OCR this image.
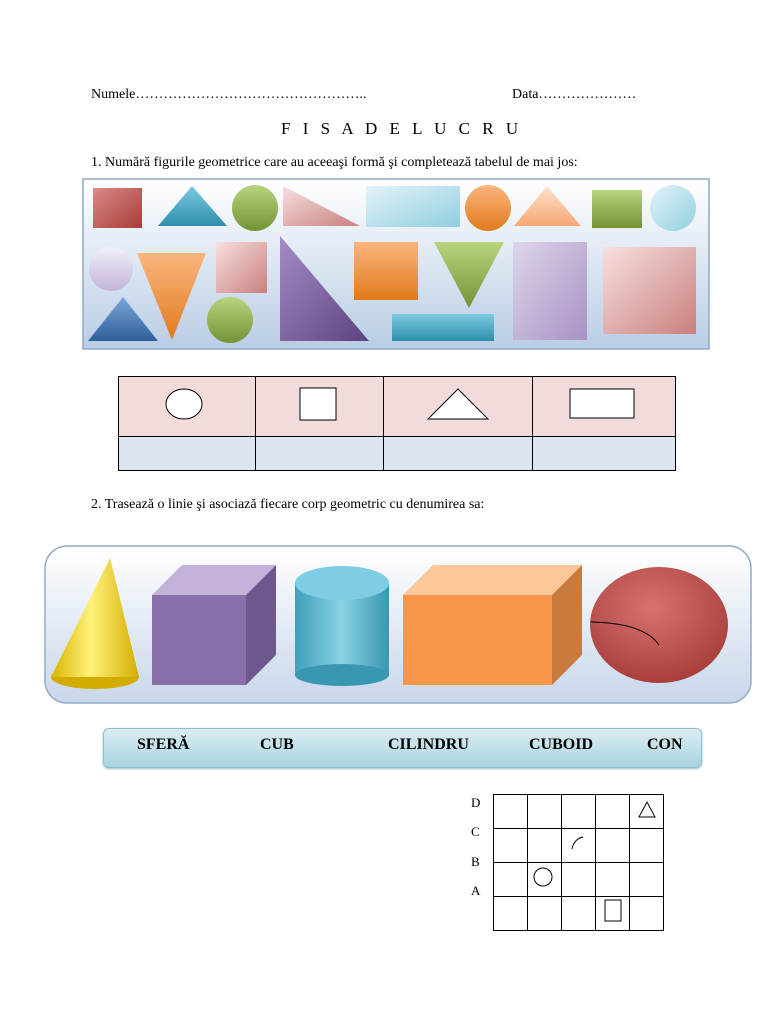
Numele…………………………………………..	Data…………………
F I S A D E L U C R U
1. Numără figurile geometrice care au aceeaşi formă şi completează tabelul de mai jos:

2. Trasează o linie şi asociază fiecare corp geometric cu denumirea sa:
SFERĂ	CUB	CILINDRU	CUBOID	CON
D
C
B
A
